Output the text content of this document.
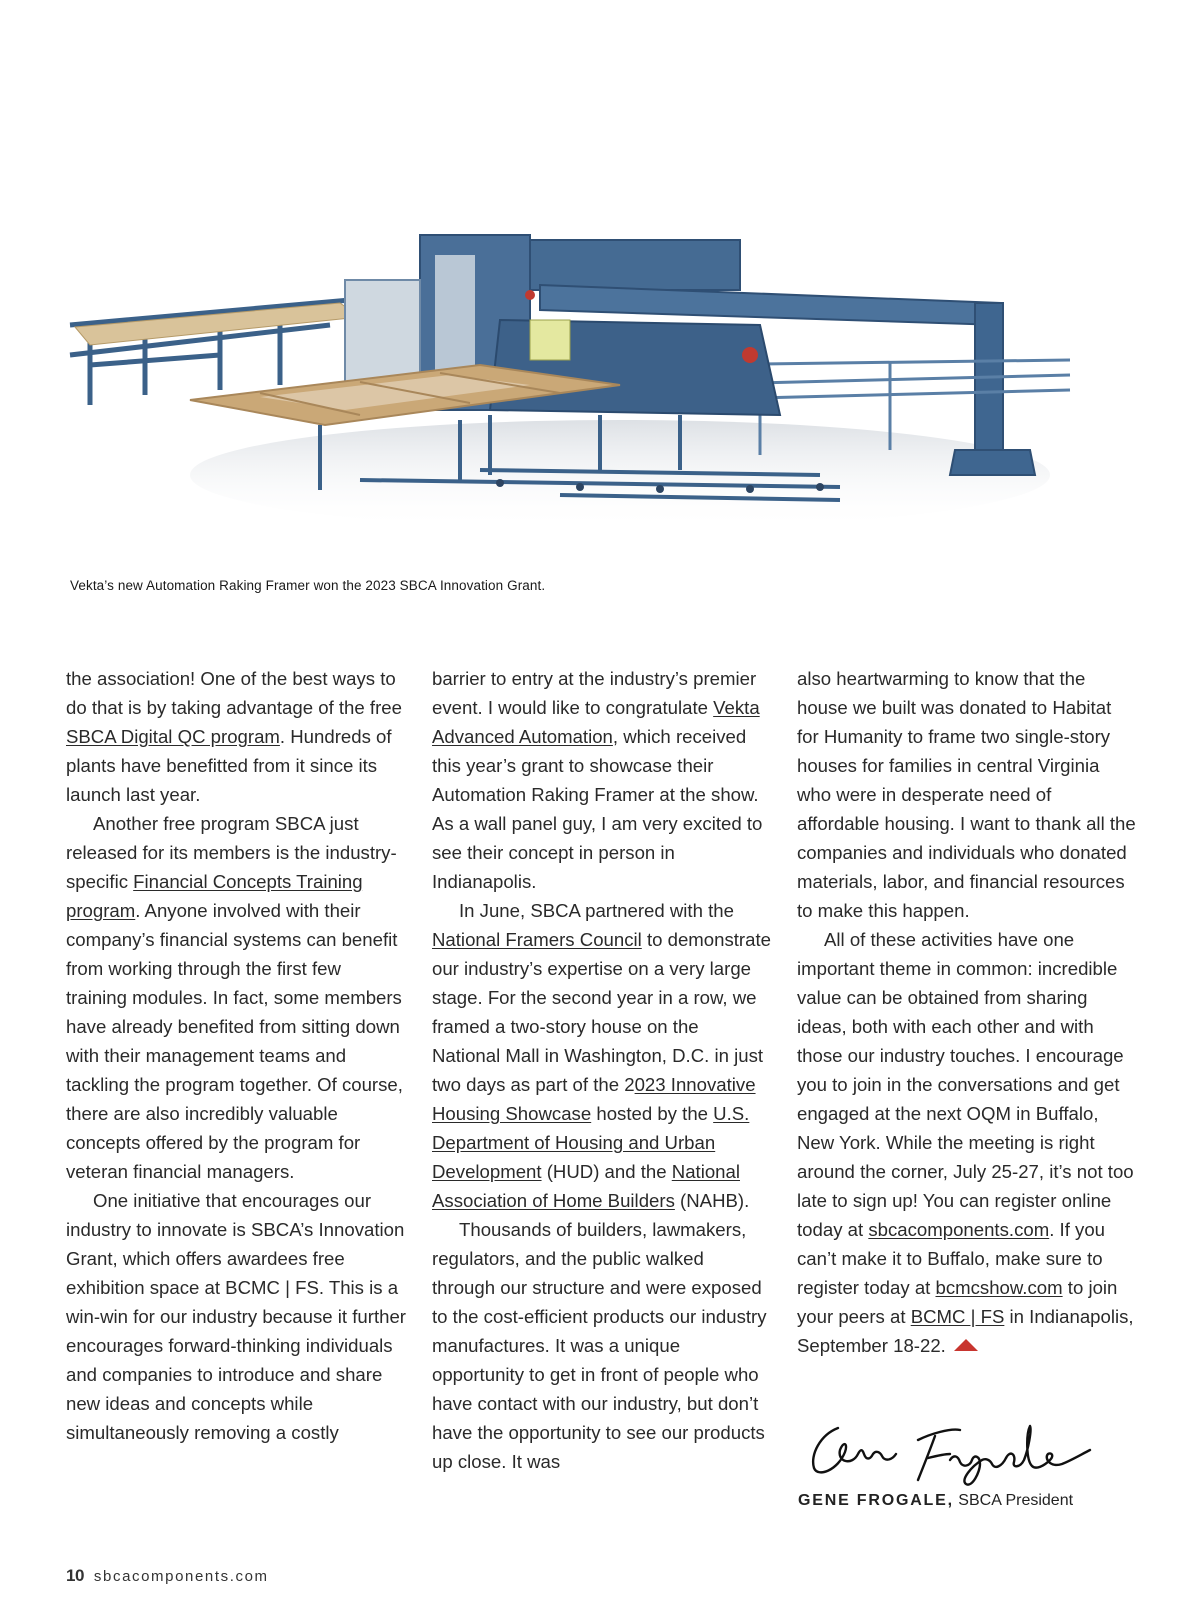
Vekta’s new Automation Raking Framer won the 2023 SBCA Innovation Grant.

the association! One of the best ways to do that is by taking advantage of the free SBCA Digital QC program. Hundreds of plants have benefitted from it since its launch last year.

Another free program SBCA just released for its members is the industry-specific Financial Concepts Training program. Anyone involved with their company’s financial systems can benefit from working through the first few training modules. In fact, some members have already benefited from sitting down with their management teams and tackling the program together. Of course, there are also incredibly valuable concepts offered by the program for veteran financial managers.

One initiative that encourages our industry to innovate is SBCA’s Innovation Grant, which offers awardees free exhibition space at BCMC | FS. This is a win-win for our industry because it further encourages forward-thinking individuals and companies to introduce and share new ideas and concepts while simultaneously removing a costly

barrier to entry at the industry’s premier event. I would like to congratulate Vekta Advanced Automation, which received this year’s grant to showcase their Automation Raking Framer at the show. As a wall panel guy, I am very excited to see their concept in person in Indianapolis.

In June, SBCA partnered with the National Framers Council to demonstrate our industry’s expertise on a very large stage. For the second year in a row, we framed a two-story house on the National Mall in Washington, D.C. in just two days as part of the 2023 Innovative Housing Showcase hosted by the U.S. Department of Housing and Urban Development (HUD) and the National Association of Home Builders (NAHB).

Thousands of builders, lawmakers, regulators, and the public walked through our structure and were exposed to the cost-efficient products our industry manufactures. It was a unique opportunity to get in front of people who have contact with our industry, but don’t have the opportunity to see our products up close. It was

also heartwarming to know that the house we built was donated to Habitat for Humanity to frame two single-story houses for families in central Virginia who were in desperate need of affordable housing. I want to thank all the companies and individuals who donated materials, labor, and financial resources to make this happen.

All of these activities have one important theme in common: incredible value can be obtained from sharing ideas, both with each other and with those our industry touches. I encourage you to join in the conversations and get engaged at the next OQM in Buffalo, New York. While the meeting is right around the corner, July 25-27, it’s not too late to sign up! You can register online today at sbcacomponents.com. If you can’t make it to Buffalo, make sure to register today at bcmcshow.com to join your peers at BCMC | FS in Indianapolis, September 18-22.

GENE FROGALE, SBCA President
10 sbcacomponents.com
